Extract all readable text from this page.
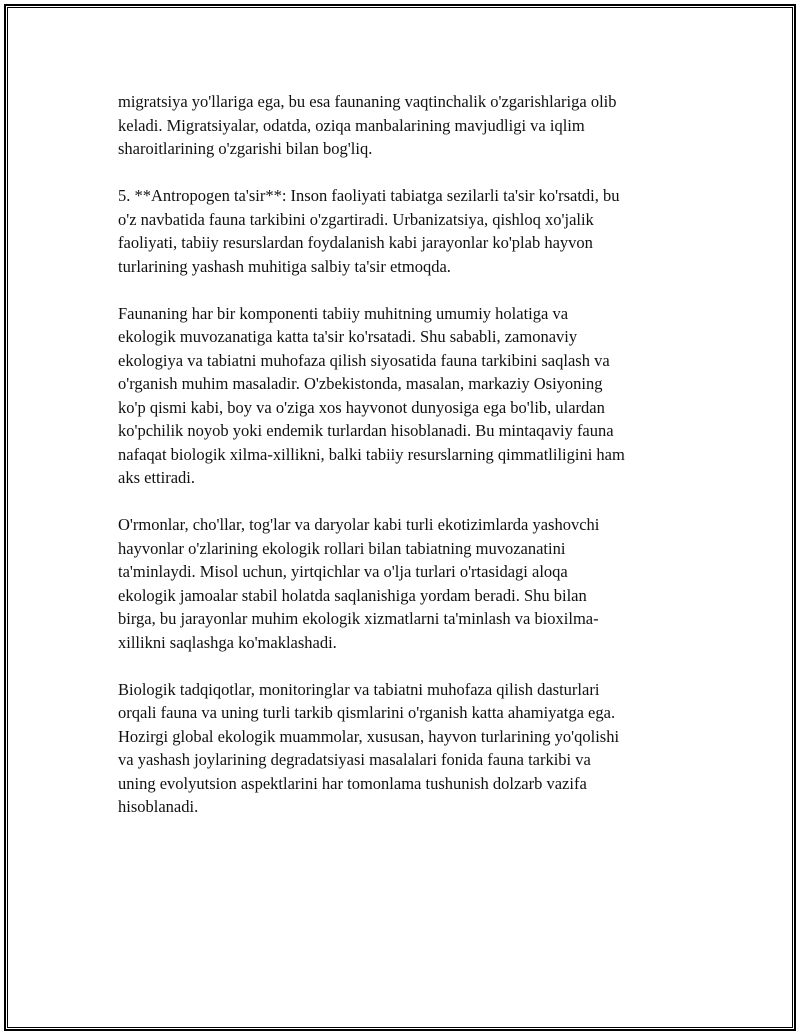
migratsiya yo'llariga ega, bu esa faunaning vaqtinchalik o'zgarishlariga olib
keladi. Migratsiyalar, odatda, oziqa manbalarining mavjudligi va iqlim
sharoitlarining o'zgarishi bilan bog'liq.

5. **Antropogen ta'sir**: Inson faoliyati tabiatga sezilarli ta'sir ko'rsatdi, bu
o'z navbatida fauna tarkibini o'zgartiradi. Urbanizatsiya, qishloq xo'jalik
faoliyati, tabiiy resurslardan foydalanish kabi jarayonlar ko'plab hayvon
turlarining yashash muhitiga salbiy ta'sir etmoqda.

Faunaning har bir komponenti tabiiy muhitning umumiy holatiga va
ekologik muvozanatiga katta ta'sir ko'rsatadi. Shu sababli, zamonaviy
ekologiya va tabiatni muhofaza qilish siyosatida fauna tarkibini saqlash va
o'rganish muhim masaladir. O'zbekistonda, masalan, markaziy Osiyoning
ko'p qismi kabi, boy va o'ziga xos hayvonot dunyosiga ega bo'lib, ulardan
ko'pchilik noyob yoki endemik turlardan hisoblanadi. Bu mintaqaviy fauna
nafaqat biologik xilma-xillikni, balki tabiiy resurslarning qimmatliligini ham
aks ettiradi.

O'rmonlar, cho'llar, tog'lar va daryolar kabi turli ekotizimlarda yashovchi
hayvonlar o'zlarining ekologik rollari bilan tabiatning muvozanatini
ta'minlaydi. Misol uchun, yirtqichlar va o'lja turlari o'rtasidagi aloqa
ekologik jamoalar stabil holatda saqlanishiga yordam beradi. Shu bilan
birga, bu jarayonlar muhim ekologik xizmatlarni ta'minlash va bioxilma-
xillikni saqlashga ko'maklashadi.

Biologik tadqiqotlar, monitoringlar va tabiatni muhofaza qilish dasturlari
orqali fauna va uning turli tarkib qismlarini o'rganish katta ahamiyatga ega.
Hozirgi global ekologik muammolar, xususan, hayvon turlarining yo'qolishi
va yashash joylarining degradatsiyasi masalalari fonida fauna tarkibi va
uning evolyutsion aspektlarini har tomonlama tushunish dolzarb vazifa
hisoblanadi.
